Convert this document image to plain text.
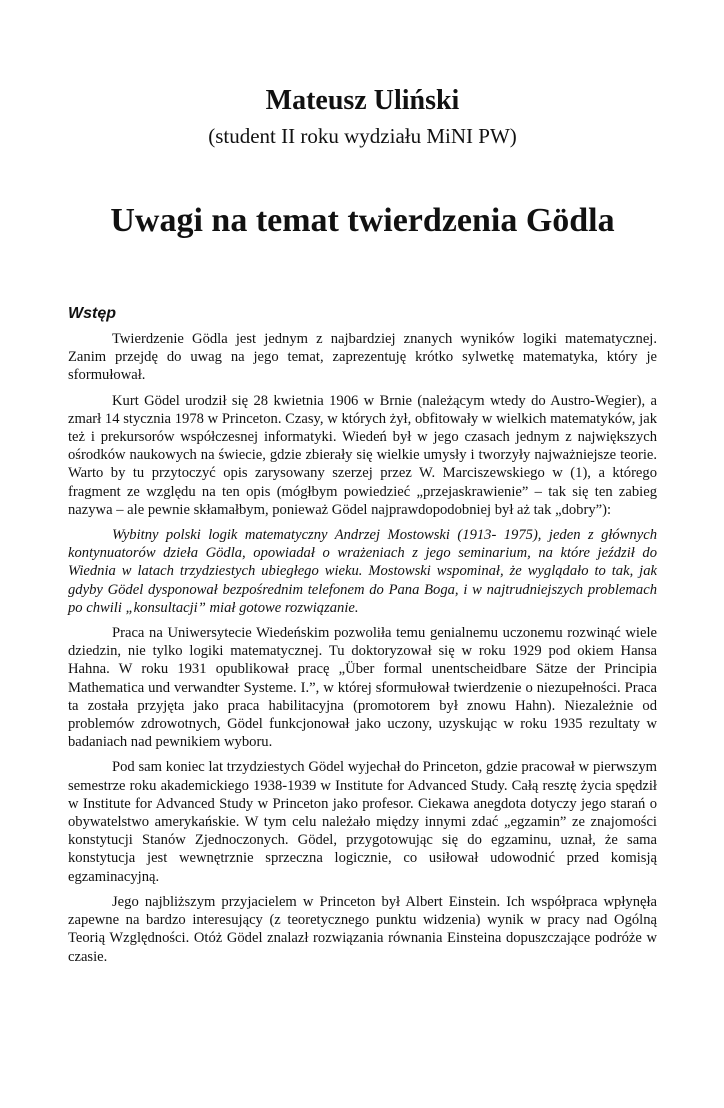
Mateusz Uliński
(student II roku wydziału MiNI PW)
Uwagi na temat twierdzenia Gödla
Wstęp

Twierdzenie Gödla jest jednym z najbardziej znanych wyników logiki matematycznej. Zanim przejdę do uwag na jego temat, zaprezentuję krótko sylwetkę matematyka, który je sformułował.

Kurt Gödel urodził się 28 kwietnia 1906 w Brnie (należącym wtedy do Austro-Wegier), a zmarł 14 stycznia 1978 w Princeton. Czasy, w których żył, obfitowały w wielkich matematyków, jak też i prekursorów współczesnej informatyki. Wiedeń był w jego czasach jednym z największych ośrodków naukowych na świecie, gdzie zbierały się wielkie umysły i tworzyły najważniejsze teorie. Warto by tu przytoczyć opis zarysowany szerzej przez W. Marciszewskiego w (1), a którego fragment ze względu na ten opis (mógłbym powiedzieć „przejaskrawienie” – tak się ten zabieg nazywa – ale pewnie skłamałbym, ponieważ Gödel najprawdopodobniej był aż tak „dobry”):

Wybitny polski logik matematyczny Andrzej Mostowski (1913- 1975), jeden z głównych kontynuatorów dzieła Gödla, opowiadał o wrażeniach z jego seminarium, na które jeździł do Wiednia w latach trzydziestych ubiegłego wieku. Mostowski wspominał, że wyglądało to tak, jak gdyby Gödel dysponował bezpośrednim telefonem do Pana Boga, i w najtrudniejszych problemach po chwili „konsultacji” miał gotowe rozwiązanie.

Praca na Uniwersytecie Wiedeńskim pozwoliła temu genialnemu uczonemu rozwinąć wiele dziedzin, nie tylko logiki matematycznej. Tu doktoryzował się w roku 1929 pod okiem Hansa Hahna. W roku 1931 opublikował pracę „Über formal unentscheidbare Sätze der Principia Mathematica und verwandter Systeme. I.”, w której sformułował twierdzenie o niezupełności. Praca ta została przyjęta jako praca habilitacyjna (promotorem był znowu Hahn). Niezależnie od problemów zdrowotnych, Gödel funkcjonował jako uczony, uzyskując w roku 1935 rezultaty w badaniach nad pewnikiem wyboru.

Pod sam koniec lat trzydziestych Gödel wyjechał do Princeton, gdzie pracował w pierwszym semestrze roku akademickiego 1938-1939 w Institute for Advanced Study. Całą resztę życia spędził w Institute for Advanced Study w Princeton jako profesor. Ciekawa anegdota dotyczy jego starań o obywatelstwo amerykańskie. W tym celu należało między innymi zdać „egzamin” ze znajomości konstytucji Stanów Zjednoczonych. Gödel, przygotowując się do egzaminu, uznał, że sama konstytucja jest wewnętrznie sprzeczna logicznie, co usiłował udowodnić przed komisją egzaminacyjną.

Jego najbliższym przyjacielem w Princeton był Albert Einstein. Ich współpraca wpłynęła zapewne na bardzo interesujący (z teoretycznego punktu widzenia) wynik w pracy nad Ogólną Teorią Względności. Otóż Gödel znalazł rozwiązania równania Einsteina dopuszczające podróże w czasie.
